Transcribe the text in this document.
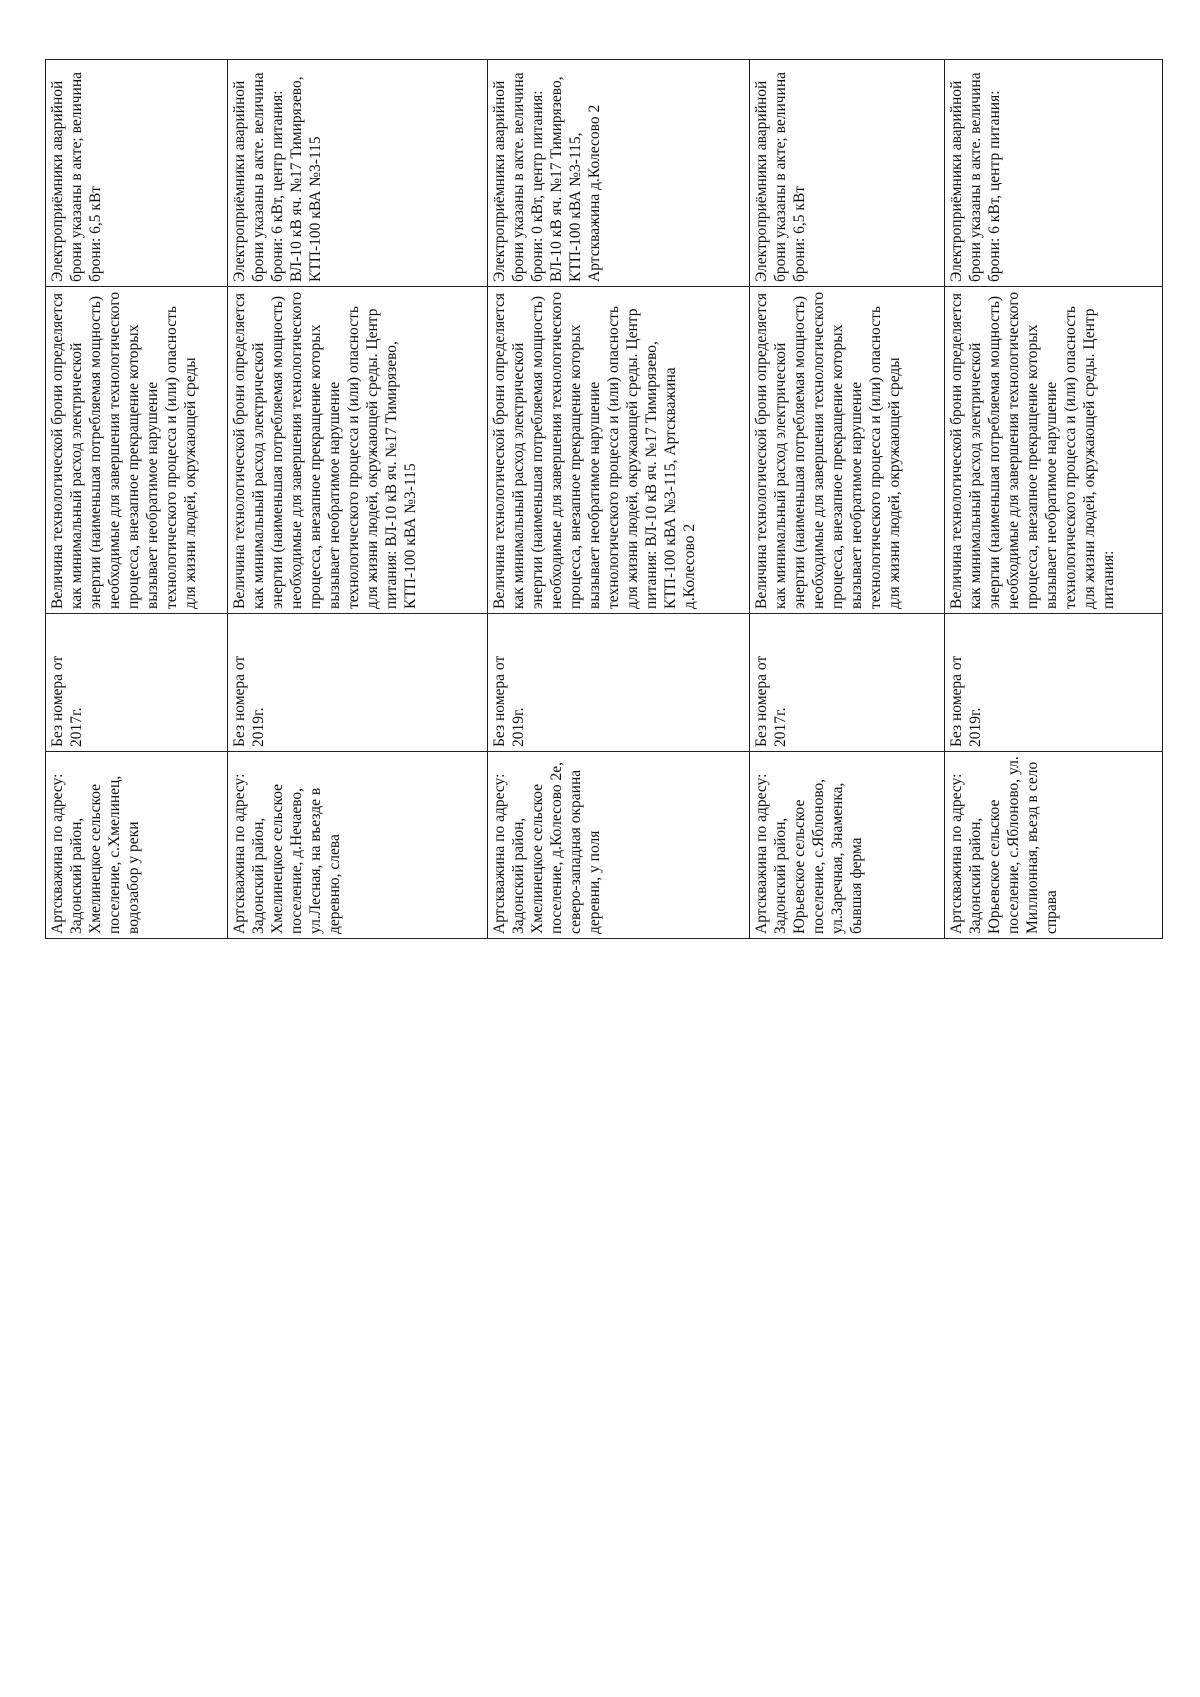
Артскважина по адресу: Задонский район, Хмелинецкое сельское поселение, с.Хмелинец, водозабор у реки	Без номера от 2017г.	Величина технологической брони определяется как минимальный расход электрической энергии (наименьшая потребляемая мощность) необходимые для завершения технологического процесса, внезапное прекращение которых вызывает необратимое нарушение технологического процесса и (или) опасность для жизни людей, окружающей среды	Электроприёмники аварийной брони указаны в акте; величина брони: 6,5 кВт
Артскважина по адресу: Задонский район, Хмелинецкое сельское поселение, д.Нечаево, ул.Лесная, на въезде в деревню, слева	Без номера от 2019г.	Величина технологической брони определяется как минимальный расход электрической энергии (наименьшая потребляемая мощность) необходимые для завершения технологического процесса, внезапное прекращение которых вызывает необратимое нарушение технологического процесса и (или) опасность для жизни людей, окружающей среды. Центр питания: ВЛ-10 кВ яч. №17 Тимирязево, КТП-100 кВА №3-115	Электроприёмники аварийной брони указаны в акте. величина брони: 6 кВт, центр питания: ВЛ-10 кВ яч. №17 Тимирязево, КТП-100 кВА №3-115
Артскважина по адресу: Задонский район, Хмелинецкое сельское поселение, д.Колесово 2е, северо-западная окраина деревни, у поля	Без номера от 2019г.	Величина технологической брони определяется как минимальный расход электрической энергии (наименьшая потребляемая мощность) необходимые для завершения технологического процесса, внезапное прекращение которых вызывает необратимое нарушение технологического процесса и (или) опасность для жизни людей, окружающей среды. Центр питания: ВЛ-10 кВ яч. №17 Тимирязево, КТП-100 кВА №3-115, Артскважина д.Колесово 2	Электроприёмники аварийной брони указаны в акте. величина брони: 0 кВт, центр питания: ВЛ-10 кВ яч. №17 Тимирязево, КТП-100 кВА №3-115, Артскважина д.Колесово 2
Артскважина по адресу: Задонский район, Юрьевское сельское поселение, с.Яблоново, ул.Заречная, Знаменка, бывшая ферма	Без номера от 2017г.	Величина технологической брони определяется как минимальный расход электрической энергии (наименьшая потребляемая мощность) необходимые для завершения технологического процесса, внезапное прекращение которых вызывает необратимое нарушение технологического процесса и (или) опасность для жизни людей, окружающей среды	Электроприёмники аварийной брони указаны в акте; величина брони: 6,5 кВт
Артскважина по адресу: Задонский район, Юрьевское сельское поселение, с.Яблоново, ул. Миллионная, въезд в село справа	Без номера от 2019г.	Величина технологической брони определяется как минимальный расход электрической энергии (наименьшая потребляемая мощность) необходимые для завершения технологического процесса, внезапное прекращение которых вызывает необратимое нарушение технологического процесса и (или) опасность для жизни людей, окружающей среды. Центр питания:	Электроприёмники аварийной брони указаны в акте. величина брони: 6 кВт, центр питания:
